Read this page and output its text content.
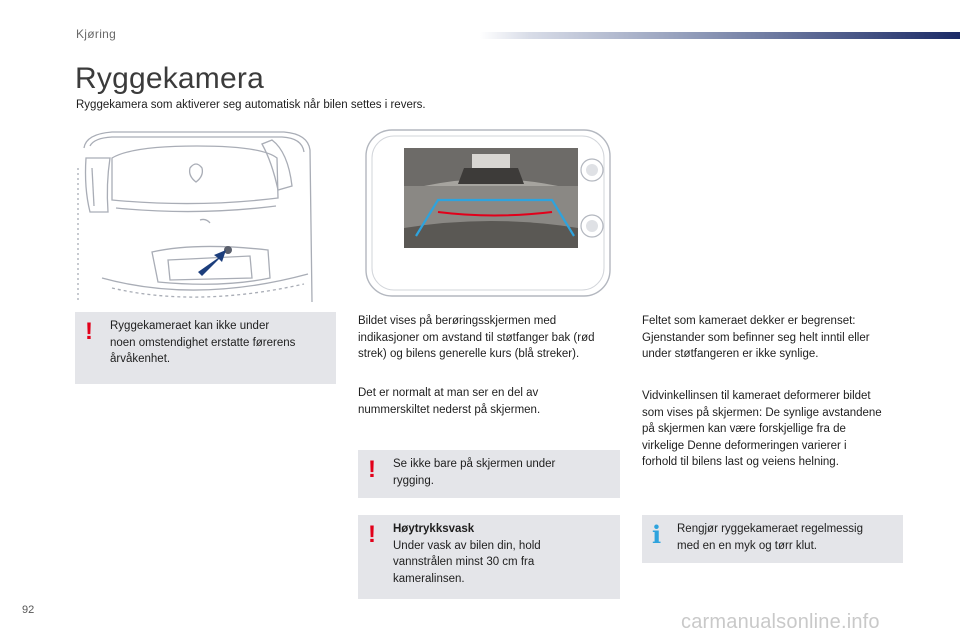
Kjøring
Ryggekamera
Ryggekamera som aktiverer seg automatisk når bilen settes i revers.
Bildet vises på berøringsskjermen med
indikasjoner om avstand til støtfanger bak (rød
strek) og bilens generelle kurs (blå streker).
Det er normalt at man ser en del av
nummerskiltet nederst på skjermen.
Feltet som kameraet dekker er begrenset:
Gjenstander som befinner seg helt inntil eller
under støtfangeren er ikke synlige.
Vidvinkellinsen til kameraet deformerer bildet
som vises på skjermen: De synlige avstandene
på skjermen kan være forskjellige fra de
virkelige Denne deformeringen varierer i
forhold til bilens last og veiens helning.
! Ryggekameraet kan ikke under
noen omstendighet erstatte førerens
årvåkenhet.
! Se ikke bare på skjermen under
rygging.
! Høytrykksvask
Under vask av bilen din, hold
vannstrålen minst 30 cm fra
kameralinsen.
i Rengjør ryggekameraet regelmessig
med en en myk og tørr klut.
92
carmanualsonline.info
